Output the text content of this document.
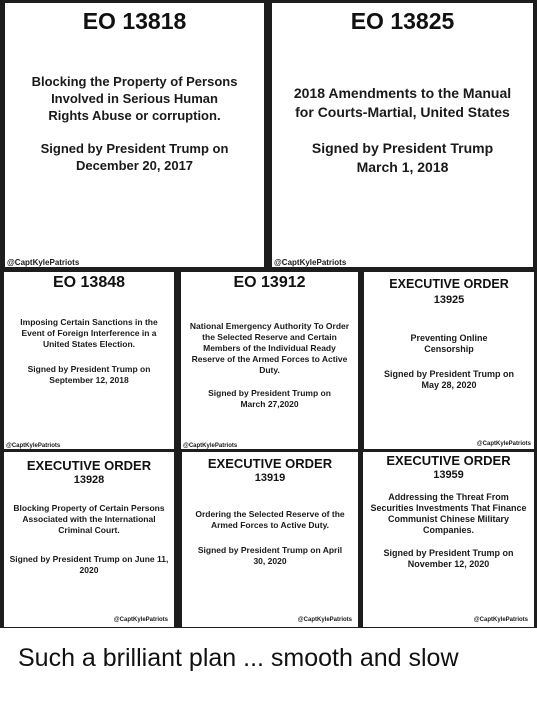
EO 13818
Blocking the Property of Persons Involved in Serious Human Rights Abuse or corruption.
Signed by President Trump on December 20, 2017
@CaptKylePatriots
EO 13825
2018 Amendments to the Manual for Courts-Martial, United States
Signed by President Trump March 1, 2018
@CaptKylePatriots
EO 13848
Imposing Certain Sanctions in the Event of Foreign Interference in a United States Election.
Signed by President Trump on September 12, 2018
@CaptKylePatriots
EO 13912
National Emergency Authority To Order the Selected Reserve and Certain Members of the Individual Ready Reserve of the Armed Forces to Active Duty.
Signed by President Trump on March 27,2020
@CaptKylePatriots
EXECUTIVE ORDER
13925
Preventing Online Censorship
Signed by President Trump on May 28, 2020
@CaptKylePatriots
EXECUTIVE ORDER
13928
Blocking Property of Certain Persons Associated with the International Criminal Court.
Signed by President Trump on June 11, 2020
@CaptKylePatriots
EXECUTIVE ORDER
13919
Ordering the Selected Reserve of the Armed Forces to Active Duty.
Signed by President Trump on April 30, 2020
@CaptKylePatriots
EXECUTIVE ORDER
13959
Addressing the Threat From Securities Investments That Finance Communist Chinese Military Companies.
Signed by President Trump on November 12, 2020
@CaptKylePatriots
Such a brilliant plan ... smooth and slow
